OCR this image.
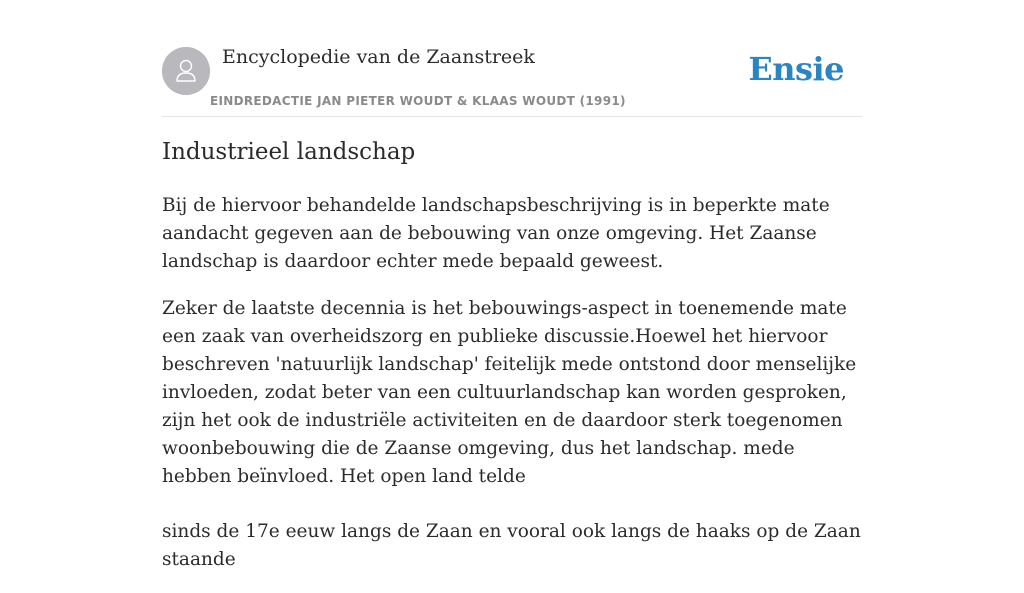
Encyclopedie van de Zaanstreek
EINDREDACTIE JAN PIETER WOUDT & KLAAS WOUDT (1991)
Ensie
Industrieel landschap

Bij de hiervoor behandelde landschapsbeschrijving is in beperkte mate aandacht gegeven aan de bebouwing van onze omgeving. Het Zaanse landschap is daardoor echter mede bepaald geweest.

Zeker de laatste decennia is het bebouwings-aspect in toenemende mate een zaak van overheidszorg en publieke discussie.Hoewel het hiervoor beschreven 'natuurlijk landschap' feitelijk mede ontstond door menselijke invloeden, zodat beter van een cultuurlandschap kan worden gesproken, zijn het ook de industriële activiteiten en de daardoor sterk toegenomen woonbebouwing die de Zaanse omgeving, dus het landschap. mede hebben beïnvloed. Het open land telde

sinds de 17e eeuw langs de Zaan en vooral ook langs de haaks op de Zaan staande
